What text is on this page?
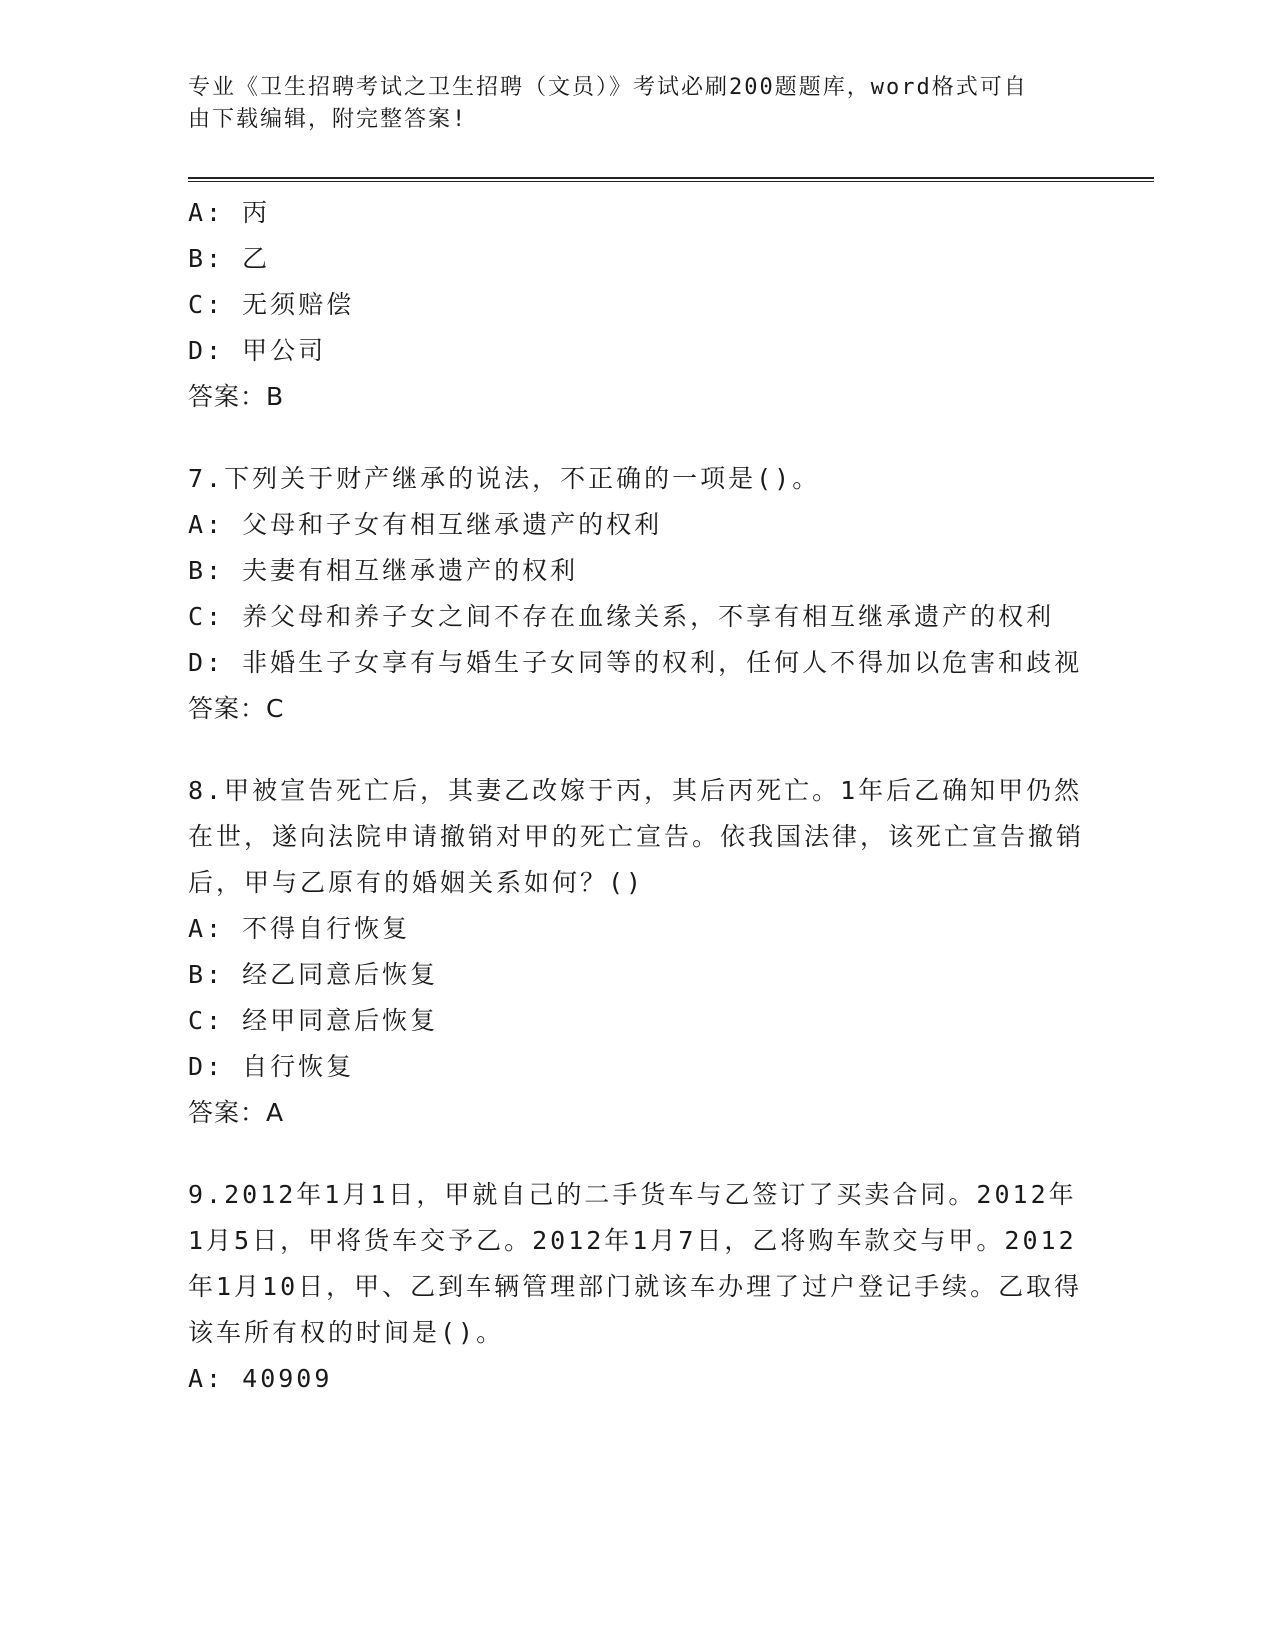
专业《卫生招聘考试之卫生招聘（文员）》考试必刷200题题库，word格式可自
由下载编辑，附完整答案!
A: 丙
B: 乙
C: 无须赔偿
D: 甲公司
答案：B
7.下列关于财产继承的说法，不正确的一项是()。
A: 父母和子女有相互继承遗产的权利
B: 夫妻有相互继承遗产的权利
C: 养父母和养子女之间不存在血缘关系，不享有相互继承遗产的权利
D: 非婚生子女享有与婚生子女同等的权利，任何人不得加以危害和歧视
答案：C
8.甲被宣告死亡后，其妻乙改嫁于丙，其后丙死亡。1年后乙确知甲仍然在世，遂向法院申请撤销对甲的死亡宣告。依我国法律，该死亡宣告撤销后，甲与乙原有的婚姻关系如何？()
A: 不得自行恢复
B: 经乙同意后恢复
C: 经甲同意后恢复
D: 自行恢复
答案：A
9.2012年1月1日，甲就自己的二手货车与乙签订了买卖合同。2012年1月5日，甲将货车交予乙。2012年1月7日，乙将购车款交与甲。2012年1月10日，甲、乙到车辆管理部门就该车办理了过户登记手续。乙取得该车所有权的时间是()。
A: 40909
